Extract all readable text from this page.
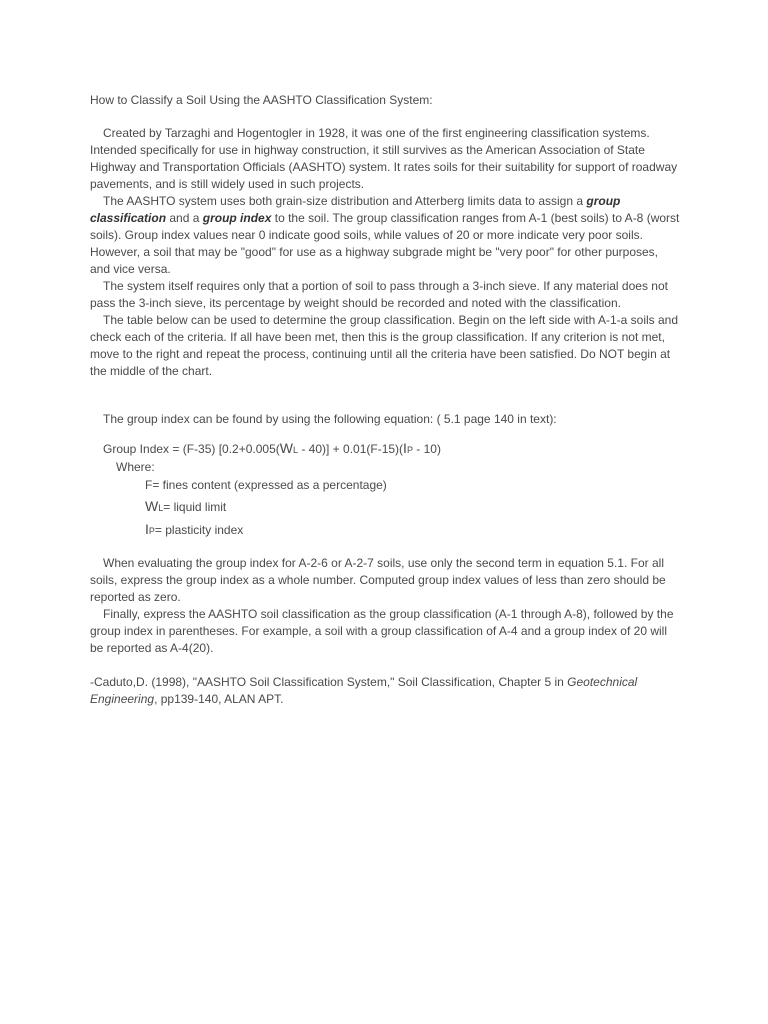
How to Classify a Soil Using the AASHTO Classification System:

Created by Tarzaghi and Hogentogler in 1928, it was one of the first engineering classification systems. Intended specifically for use in highway construction, it still survives as the American Association of State Highway and Transportation Officials (AASHTO) system. It rates soils for their suitability for support of roadway pavements, and is still widely used in such projects.

The AASHTO system uses both grain-size distribution and Atterberg limits data to assign a group classification and a group index to the soil. The group classification ranges from A-1 (best soils) to A-8 (worst soils). Group index values near 0 indicate good soils, while values of 20 or more indicate very poor soils. However, a soil that may be "good" for use as a highway subgrade might be "very poor" for other purposes, and vice versa.

The system itself requires only that a portion of soil to pass through a 3-inch sieve. If any material does not pass the 3-inch sieve, its percentage by weight should be recorded and noted with the classification.

The table below can be used to determine the group classification. Begin on the left side with A-1-a soils and check each of the criteria. If all have been met, then this is the group classification. If any criterion is not met, move to the right and repeat the process, continuing until all the criteria have been satisfied. Do NOT begin at the middle of the chart.

The group index can be found by using the following equation: ( 5.1 page 140 in text):

Group Index = (F-35) [0.2+0.005(WL - 40)] + 0.01(F-15)(IP - 10)
Where:
F= fines content (expressed as a percentage)
WL= liquid limit
IP= plasticity index

When evaluating the group index for A-2-6 or A-2-7 soils, use only the second term in equation 5.1. For all soils, express the group index as a whole number. Computed group index values of less than zero should be reported as zero.

Finally, express the AASHTO soil classification as the group classification (A-1 through A-8), followed by the group index in parentheses. For example, a soil with a group classification of A-4 and a group index of 20 will be reported as A-4(20).

-Caduto,D. (1998), "AASHTO Soil Classification System," Soil Classification, Chapter 5 in Geotechnical Engineering, pp139-140, ALAN APT.
